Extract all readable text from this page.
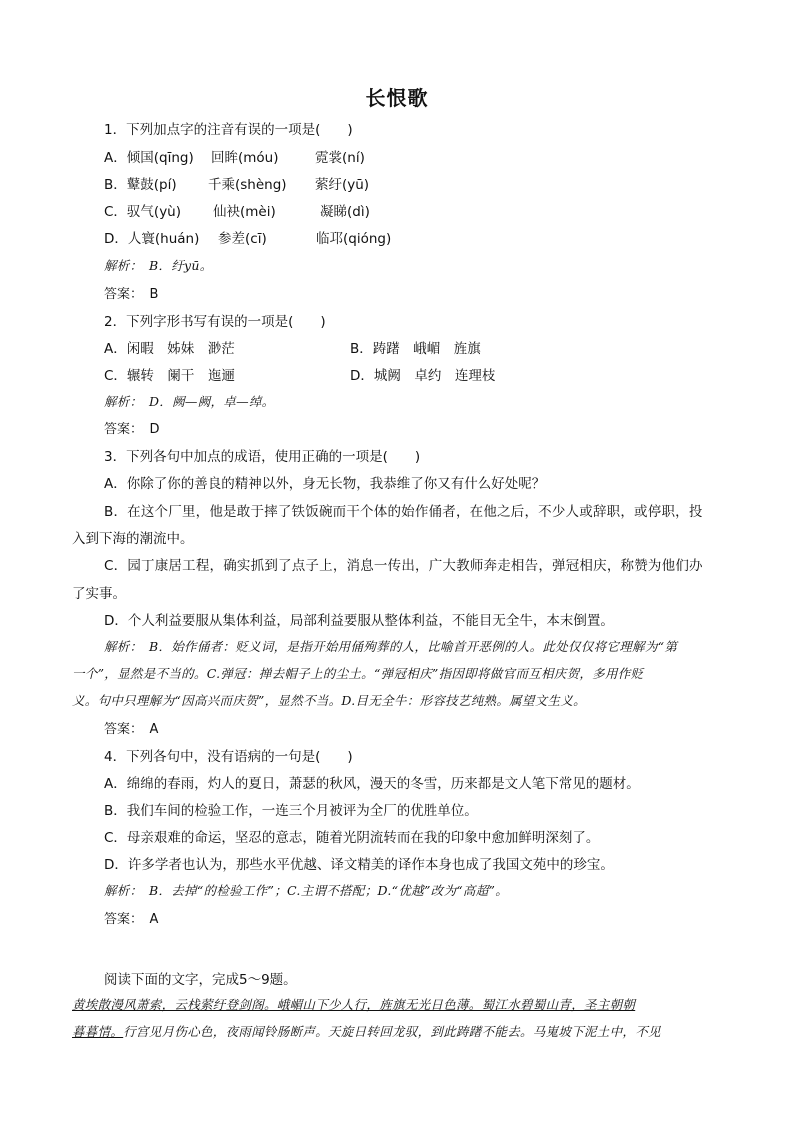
长恨歌
1．下列加点字的注音有误的一项是(　　)
A．倾国(qīng) 回眸(móu)	霓裳(ní)
B．鼙鼓(pí) 千乘(shèng) 萦纡(yū)
C．驭气(yù) 仙袂(mèi)	凝睇(dì)
D．人寰(huán) 参差(cī)	临邛(qióng)
解析：　B．纡yū。
答案：　B
2．下列字形书写有误的一项是(　　)
A．闲暇　姊妹　渺茫	B．踌躇　峨嵋　旌旗
C．辗转　阑干　迤逦	D．城阙　卓约　连理枝
解析：　D．阙—阙，卓—绰。
答案：　D
3．下列各句中加点的成语，使用正确的一项是(　　)
A．你除了你的善良的精神以外，身无长物，我恭维了你又有什么好处呢？
B．在这个厂里，他是敢于摔了铁饭碗而干个体的始作俑者，在他之后，不少人或辞职，或停职，投
入到下海的潮流中。
C．园丁康居工程，确实抓到了点子上，消息一传出，广大教师奔走相告，弹冠相庆，称赞为他们办
了实事。
D．个人利益要服从集体利益，局部利益要服从整体利益，不能目无全牛，本末倒置。
解析：　B．始作俑者：贬义词，是指开始用俑殉葬的人，比喻首开恶例的人。此处仅仅将它理解为“第
一个”，显然是不当的。C.弹冠：掸去帽子上的尘土。“弹冠相庆”指因即将做官而互相庆贺，多用作贬
义。句中只理解为“因高兴而庆贺”，显然不当。D.目无全牛：形容技艺纯熟。属望文生义。
答案：　A
4．下列各句中，没有语病的一句是(　　)
A．绵绵的春雨，灼人的夏日，萧瑟的秋风，漫天的冬雪，历来都是文人笔下常见的题材。
B．我们车间的检验工作，一连三个月被评为全厂的优胜单位。
C．母亲艰难的命运，坚忍的意志，随着光阴流转而在我的印象中愈加鲜明深刻了。
D．许多学者也认为，那些水平优越、译文精美的译作本身也成了我国文苑中的珍宝。
解析：　B．去掉“的检验工作”；C.主谓不搭配；D.“优越”改为“高超”。
答案：　A
阅读下面的文字，完成5～9题。
黄埃散漫风萧索，云栈萦纡登剑阁。峨嵋山下少人行，旌旗无光日色薄。蜀江水碧蜀山青，圣主朝朝
暮暮情。行宫见月伤心色，夜雨闻铃肠断声。天旋日转回龙驭，到此踌躇不能去。马嵬坡下泥土中，不见
